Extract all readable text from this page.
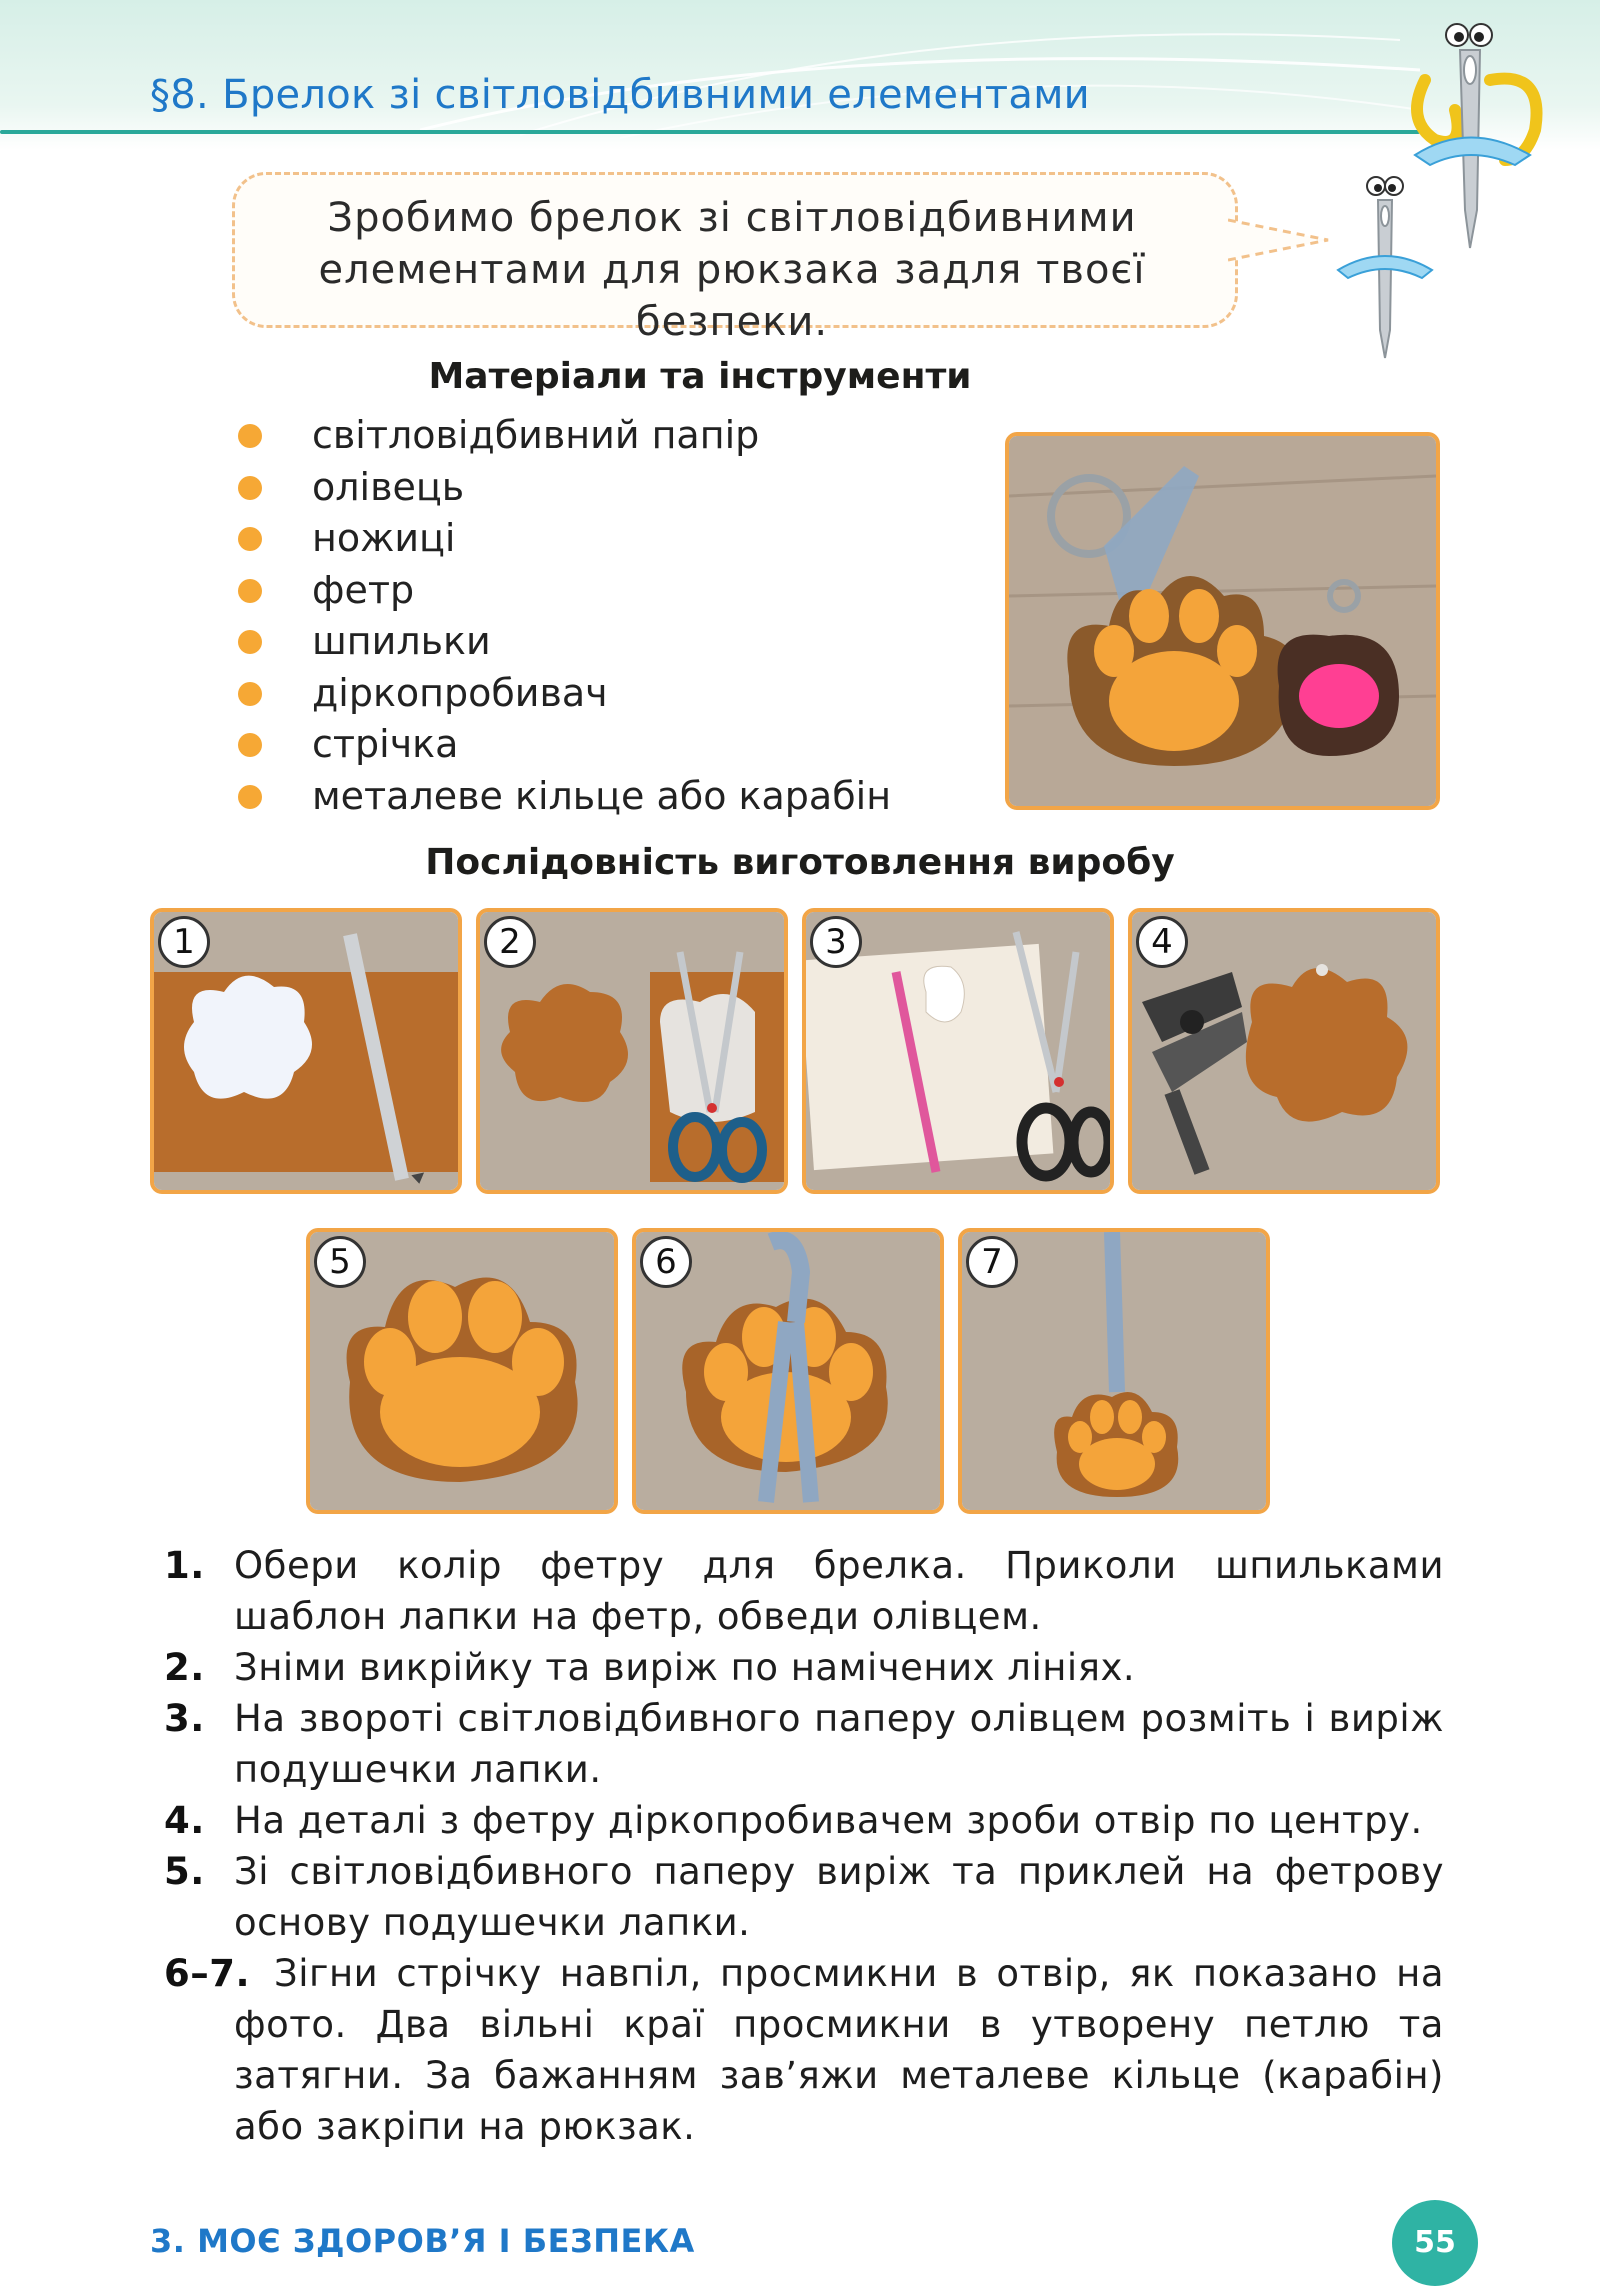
§8. Брелок зі світловідбивними елементами
Зробимо брелок зі світловідбивними
елементами для рюкзака задля твоєї безпеки.
Матеріали та інструменти
світловідбивний папір
олівець
ножиці
фетр
шпильки
діркопробивач
стрічка
металеве кільце або карабін
Послідовність виготовлення виробу
1	2	3	4
5	6	7
1. Обери колір фетру для брелка. Приколи шпильками шаблон лапки на фетр, обведи олівцем.
2. Зніми викрійку та виріж по намічених лініях.
3. На звороті світловідбивного паперу олівцем розміть і виріж подушечки лапки.
4. На деталі з фетру діркопробивачем зроби отвір по центру.
5. Зі світловідбивного паперу виріж та приклей на фетрову основу подушечки лапки.
6–7. Зігни стрічку навпіл, просмикни в отвір, як показано на фото. Два вільні краї просмикни в утворену петлю та затягни. За бажанням зав’яжи металеве кільце (карабін) або закріпи на рюкзак.
3. МОЄ ЗДОРОВ’Я І БЕЗПЕКА	55
